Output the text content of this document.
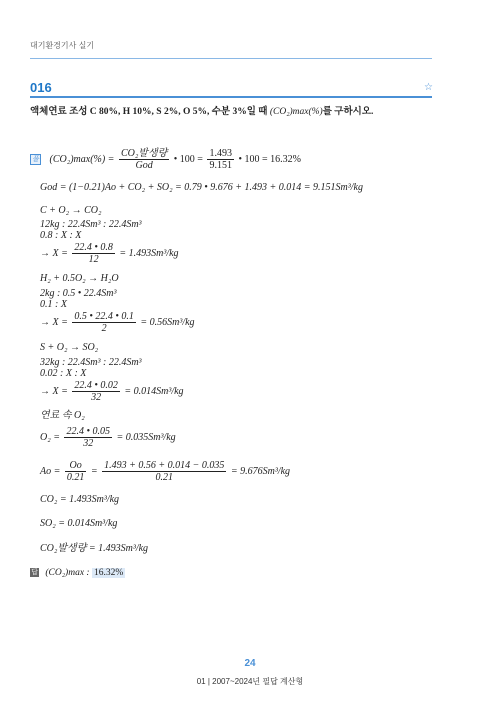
대기환경기사 실기
016	☆
액체연료 조성 C 80%, H 10%, S 2%, O 5%, 수분 3%일 때 (CO₂)max(%)를 구하시오.
풀 $(CO_2)\max(\%) = \frac{\text{CO₂발생량}}{\text{God}}$ • $100 = \frac{1.493}{9.151}$ • 100 = 16.32%
God = (1−0.21)Ao + CO₂ + SO₂ = 0.79 • 9.676 + 1.493 + 0.014 = 9.151Sm³/kg
C + O₂ → CO₂
12kg : 22.4Sm³ : 22.4Sm³
0.8 : X : X
→ $X = \frac{22.4 • 0.8}{12} = 1.493Sm^3/kg$
H₂ + 0.5O₂ → H₂O
2kg : 0.5 • 22.4Sm³
0.1 : X
→ $X = \frac{0.5 • 22.4 • 0.1}{2} = 0.56Sm^3/kg$
S + O₂ → SO₂
32kg : 22.4Sm³ : 22.4Sm³
0.02 : X : X
→ $X = \frac{22.4 • 0.02}{32} = 0.014Sm^3/kg$
연료 속 O₂
$O_2 = \frac{22.4 • 0.05}{32} = 0.035Sm^3/kg$
$Ao = \frac{Oo}{0.21} = \frac{1.493 + 0.56 + 0.014 - 0.035}{0.21} = 9.676Sm^3/kg$
CO₂ = 1.493Sm³/kg
SO₂ = 0.014Sm³/kg
CO₂발생량 = 1.493Sm³/kg
답 (CO₂)max : 16.32%
24
01 | 2007~2024년 필답 계산형
